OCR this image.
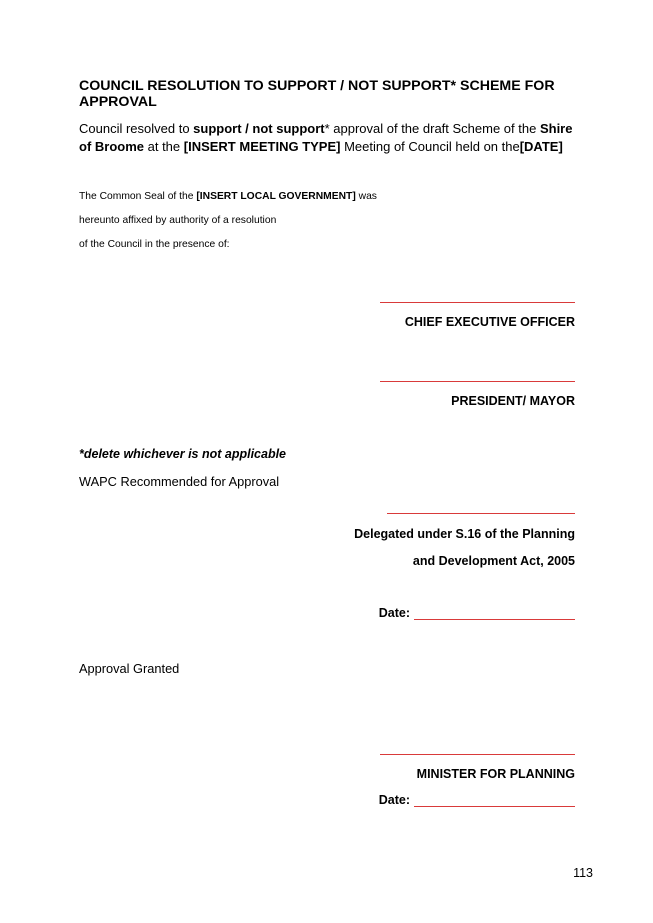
COUNCIL RESOLUTION TO SUPPORT / NOT SUPPORT* SCHEME FOR APPROVAL
Council resolved to support / not support* approval of the draft Scheme of the Shire of Broome at the [INSERT MEETING TYPE] Meeting of Council held on the[DATE]
The Common Seal of the [INSERT LOCAL GOVERNMENT] was
hereunto affixed by authority of a resolution
of the Council in the presence of:
CHIEF EXECUTIVE OFFICER
PRESIDENT/ MAYOR
*delete whichever is not applicable
WAPC Recommended for Approval
Delegated under S.16 of the Planning
and Development Act, 2005
Date:
Approval Granted
MINISTER FOR PLANNING
Date:
113
